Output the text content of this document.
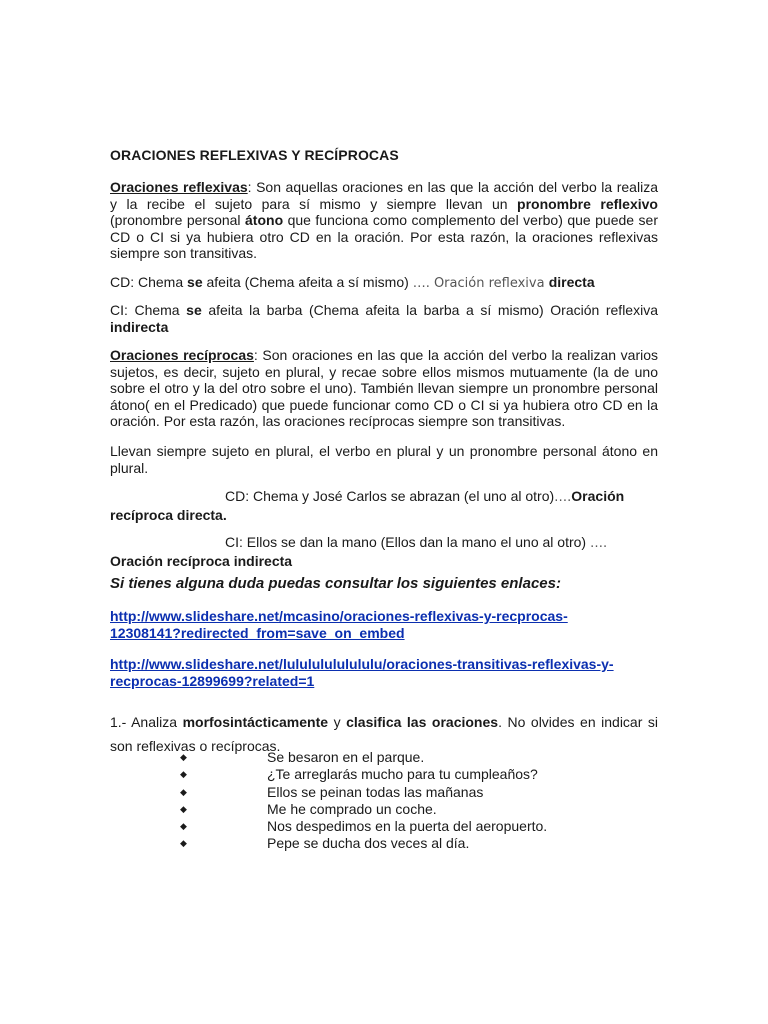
ORACIONES REFLEXIVAS Y RECÍPROCAS

Oraciones reflexivas: Son aquellas oraciones en las que la acción del verbo la realiza y la recibe el sujeto para sí mismo y siempre llevan un pronombre reflexivo (pronombre personal átono que funciona como complemento del verbo) que puede ser CD o CI si ya hubiera otro CD en la oración. Por esta razón, la oraciones reflexivas siempre son transitivas.

CD: Chema se afeita (Chema afeita a sí mismo) …. Oración reflexiva directa

CI: Chema se afeita la barba (Chema afeita la barba a sí mismo) Oración reflexiva indirecta

Oraciones recíprocas: Son oraciones en las que la acción del verbo la realizan varios sujetos, es decir, sujeto en plural, y recae sobre ellos mismos mutuamente (la de uno sobre el otro y la del otro sobre el uno). También llevan siempre un pronombre personal átono( en el Predicado) que puede funcionar como CD o CI si ya hubiera otro CD en la oración. Por esta razón, las oraciones recíprocas siempre son transitivas.

Llevan siempre sujeto en plural, el verbo en plural y un pronombre personal átono en plural.

CD: Chema y José Carlos se abrazan (el uno al otro)….Oración
recíproca directa.

CI: Ellos se dan la mano (Ellos dan la mano el uno al otro) ….
Oración recíproca indirecta

Si tienes alguna duda puedas consultar los siguientes enlaces:

http://www.slideshare.net/mcasino/oraciones-reflexivas-y-recprocas-
12308141?redirected_from=save_on_embed

http://www.slideshare.net/lulululululululu/oraciones-transitivas-reflexivas-y-
recprocas-12899699?related=1

1.- Analiza morfosintácticamente y clasifica las oraciones. No olvides en indicar si son reflexivas o recíprocas.

◆	Se besaron en el parque.
◆	¿Te arreglarás mucho para tu cumpleaños?
◆	Ellos se peinan todas las mañanas
◆	Me he comprado un coche.
◆	Nos despedimos en la puerta del aeropuerto.
◆	Pepe se ducha dos veces al día.
